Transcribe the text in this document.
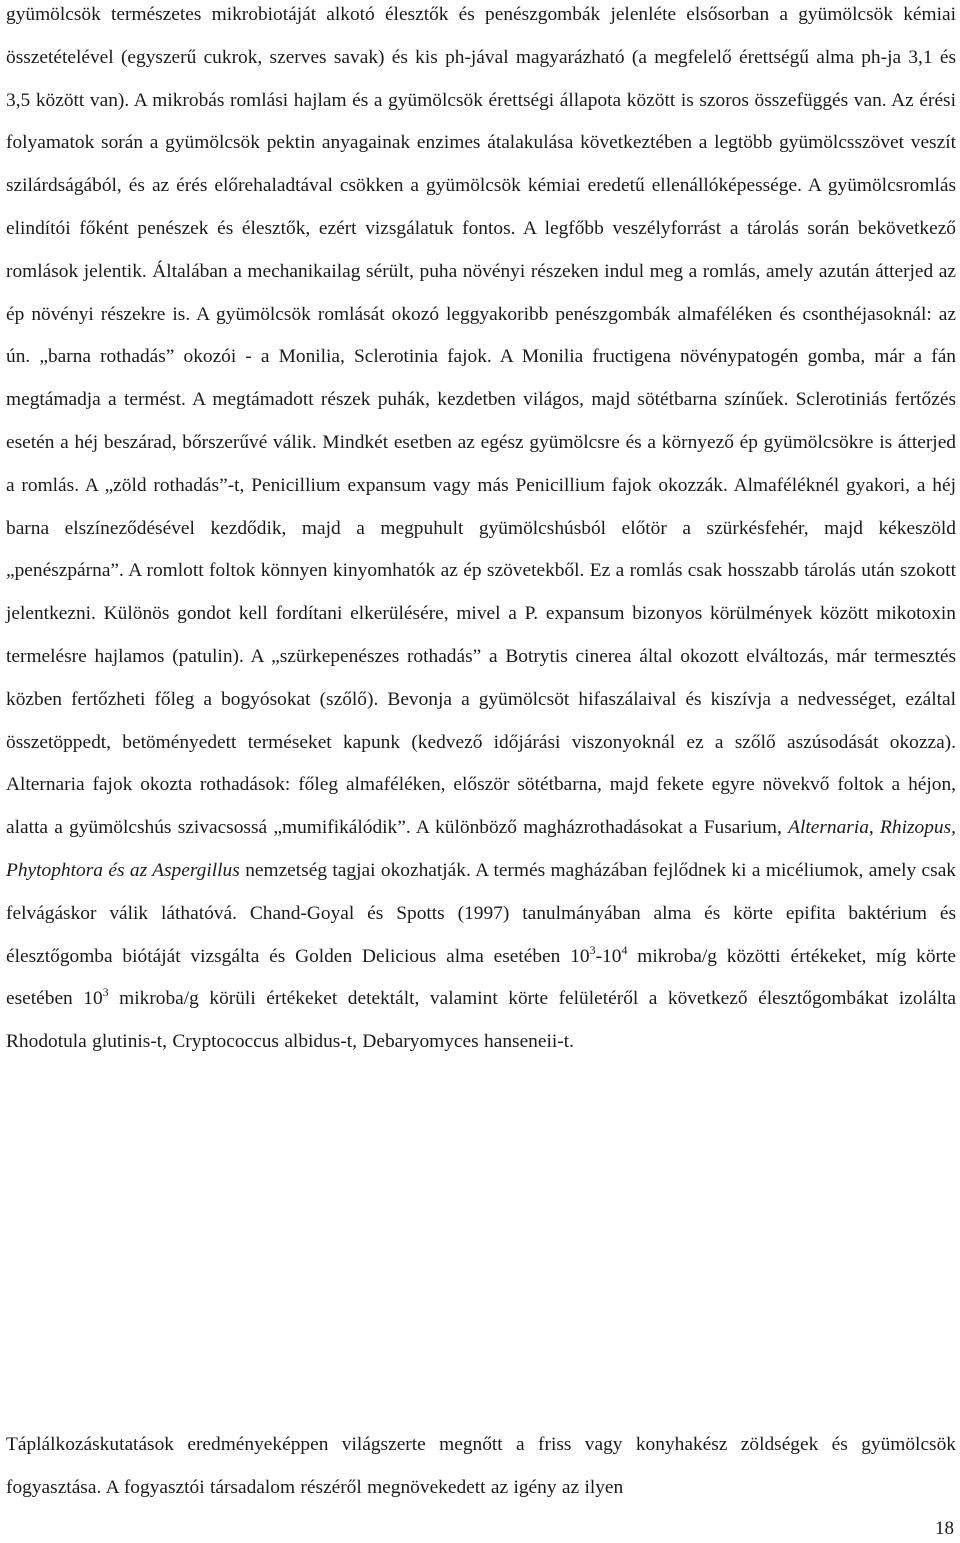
gyümölcsök természetes mikrobiotáját alkotó élesztők és penészgombák jelenléte elsősorban a gyümölcsök kémiai összetételével (egyszerű cukrok, szerves savak) és kis ph-jával magyarázható (a megfelelő érettségű alma ph-ja 3,1 és 3,5 között van). A mikrobás romlási hajlam és a gyümölcsök érettségi állapota között is szoros összefüggés van. Az érési folyamatok során a gyümölcsök pektin anyagainak enzimes átalakulása következtében a legtöbb gyümölcsszövet veszít szilárdságából, és az érés előrehaladtával csökken a gyümölcsök kémiai eredetű ellenállóképessége. A gyümölcsromlás elindítói főként penészek és élesztők, ezért vizsgálatuk fontos. A legfőbb veszélyforrást a tárolás során bekövetkező romlások jelentik. Általában a mechanikailag sérült, puha növényi részeken indul meg a romlás, amely azután átterjed az ép növényi részekre is. A gyümölcsök romlását okozó leggyakoribb penészgombák almaféléken és csonthéjasoknál: az ún. „barna rothadás” okozói - a Monilia, Sclerotinia fajok. A Monilia fructigena növénypatogén gomba, már a fán megtámadja a termést. A megtámadott részek puhák, kezdetben világos, majd sötétbarna színűek. Sclerotiniás fertőzés esetén a héj beszárad, bőrszerűvé válik. Mindkét esetben az egész gyümölcsre és a környező ép gyümölcsökre is átterjed a romlás. A „zöld rothadás”-t, Penicillium expansum vagy más Penicillium fajok okozzák. Almaféléknél gyakori, a héj barna elszíneződésével kezdődik, majd a megpuhult gyümölcshúsból előtör a szürkésfehér, majd kékeszöld „penészpárna”. A romlott foltok könnyen kinyomhatók az ép szövetekből. Ez a romlás csak hosszabb tárolás után szokott jelentkezni. Különös gondot kell fordítani elkerülésére, mivel a P. expansum bizonyos körülmények között mikotoxin termelésre hajlamos (patulin). A „szürkepenészes rothadás” a Botrytis cinerea által okozott elváltozás, már termesztés közben fertőzheti főleg a bogyósokat (szőlő). Bevonja a gyümölcsöt hifaszálaival és kiszívja a nedvességet, ezáltal összetöppedt, betöményedett terméseket kapunk (kedvező időjárási viszonyoknál ez a szőlő aszúsodását okozza). Alternaria fajok okozta rothadások: főleg almaféléken, először sötétbarna, majd fekete egyre növekvő foltok a héjon, alatta a gyümölcshús szivacsossá „mumifikálódik”. A különböző magházrothadásokat a Fusarium, Alternaria, Rhizopus, Phytophtora és az Aspergillus nemzetség tagjai okozhatják. A termés magházában fejlődnek ki a micéliumok, amely csak felvágáskor válik láthatóvá. Chand-Goyal és Spotts (1997) tanulmányában alma és körte epifita baktérium és élesztőgomba biótáját vizsgálta és Golden Delicious alma esetében $10^3-10^4$ mikroba/g közötti értékeket, míg körte esetében $10^3$ mikroba/g körüli értékeket detektált, valamint körte felületéről a következő élesztőgombákat izolálta Rhodotula glutinis-t, Cryptococcus albidus-t, Debaryomyces hanseneii-t.

Táplálkozáskutatások eredményeképpen világszerte megnőtt a friss vagy konyhakész zöldségek és gyümölcsök fogyasztása. A fogyasztói társadalom részéről megnövekedett az igény az ilyen

18
